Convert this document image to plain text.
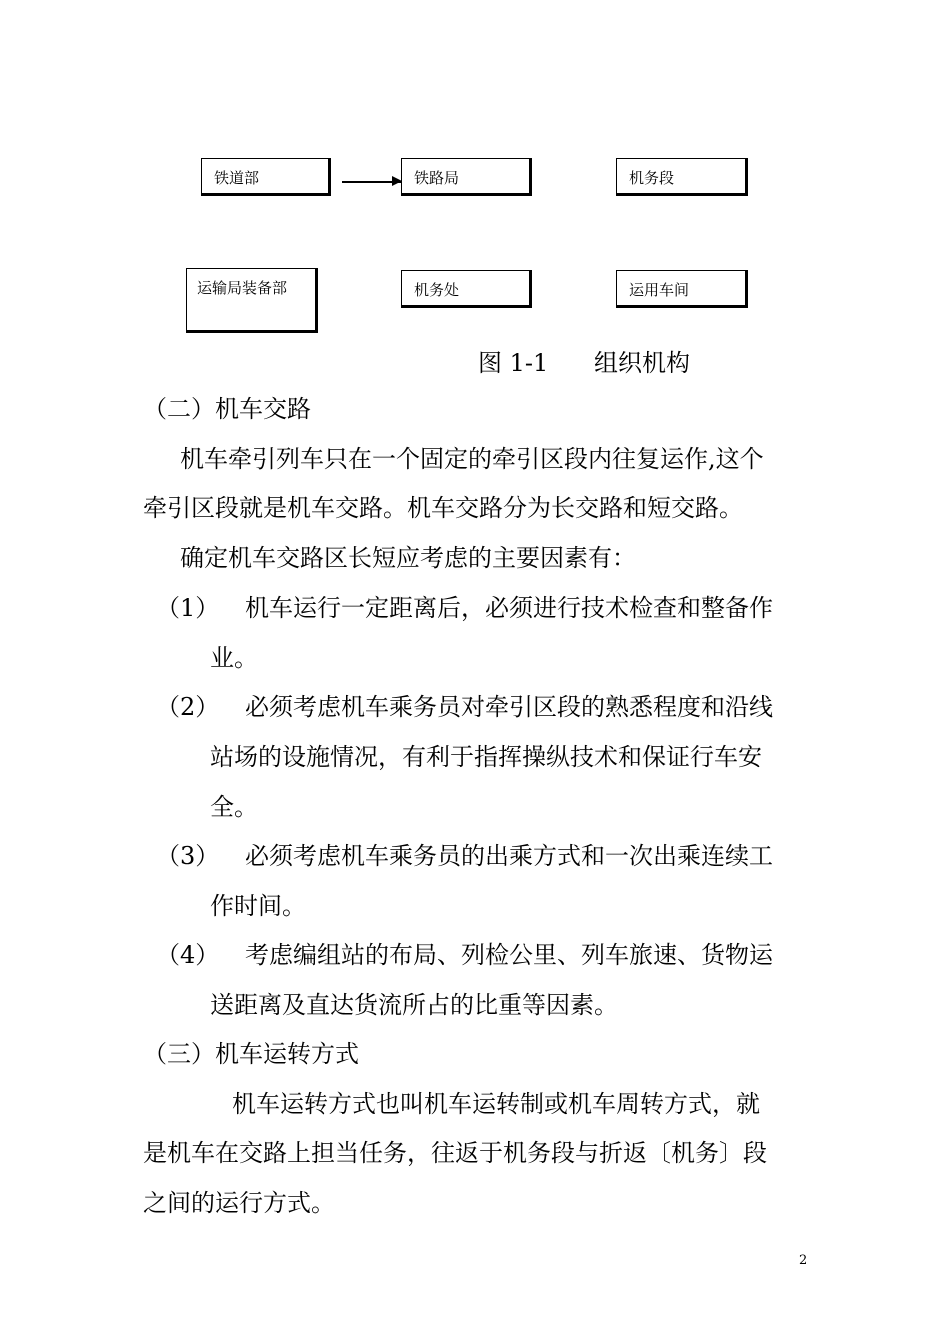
铁道部	铁路局	机务段
运输局装备部	机务处	运用车间
图 1-1      组织机构
（二）机车交路
机车牵引列车只在一个固定的牵引区段内往复运作,这个
牵引区段就是机车交路。机车交路分为长交路和短交路。
确定机车交路区长短应考虑的主要因素有：
（1） 机车运行一定距离后，必须进行技术检查和整备作
业。
（2） 必须考虑机车乘务员对牵引区段的熟悉程度和沿线
站场的设施情况，有利于指挥操纵技术和保证行车安
全。
（3） 必须考虑机车乘务员的出乘方式和一次出乘连续工
作时间。
（4） 考虑编组站的布局、列检公里、列车旅速、货物运
送距离及直达货流所占的比重等因素。
（三）机车运转方式
机车运转方式也叫机车运转制或机车周转方式，就
是机车在交路上担当任务，往返于机务段与折返〔机务〕段
之间的运行方式。
2
